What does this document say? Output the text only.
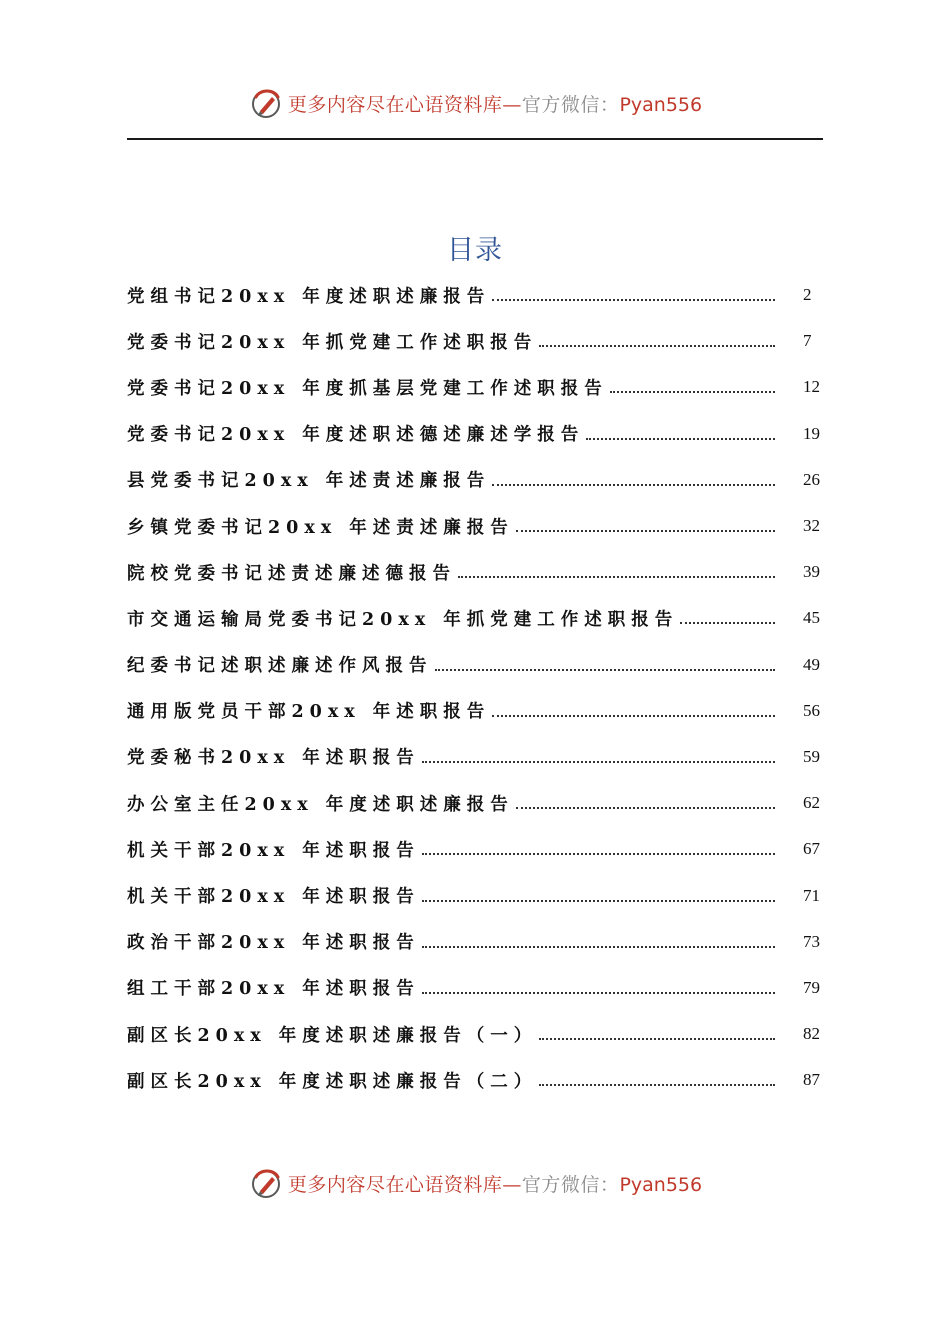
更多内容尽在心语资料库—官方微信：Pyan556
目录
党组书记20xx 年度述职述廉报告	2
党委书记20xx 年抓党建工作述职报告	7
党委书记20xx 年度抓基层党建工作述职报告	12
党委书记20xx 年度述职述德述廉述学报告	19
县党委书记20xx 年述责述廉报告	26
乡镇党委书记20xx 年述责述廉报告	32
院校党委书记述责述廉述德报告	39
市交通运输局党委书记20xx 年抓党建工作述职报告	45
纪委书记述职述廉述作风报告	49
通用版党员干部20xx 年述职报告	56
党委秘书20xx 年述职报告	59
办公室主任20xx 年度述职述廉报告	62
机关干部20xx 年述职报告	67
机关干部20xx 年述职报告	71
政治干部20xx 年述职报告	73
组工干部20xx 年述职报告	79
副区长20xx 年度述职述廉报告（一）	82
副区长20xx 年度述职述廉报告（二）	87
更多内容尽在心语资料库—官方微信：Pyan556
